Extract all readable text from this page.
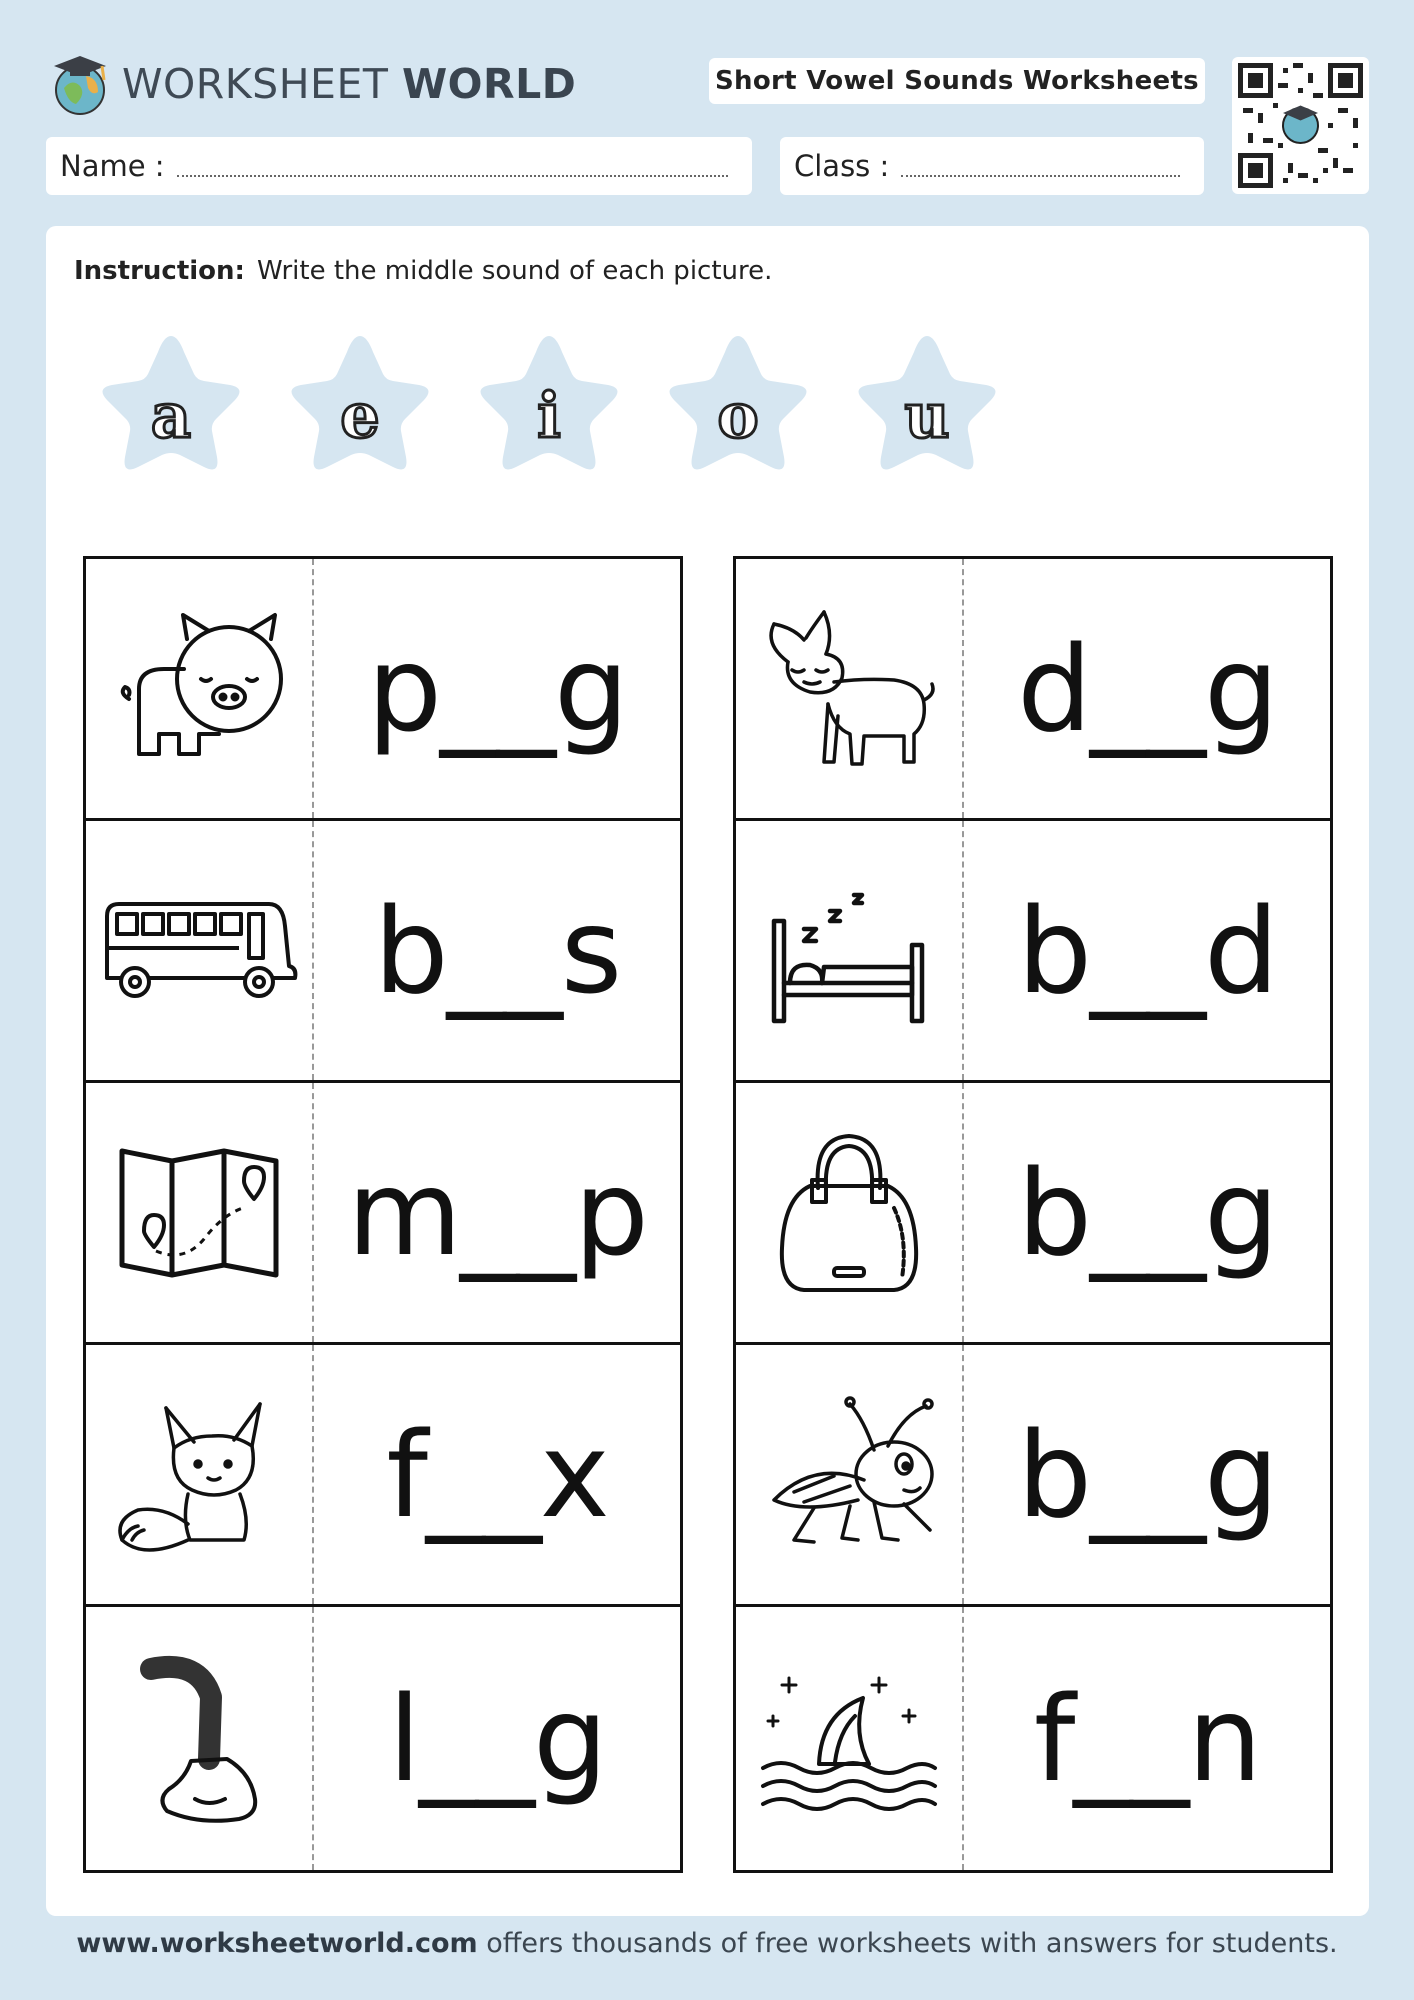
WORKSHEET WORLD	Short Vowel Sounds Worksheets
Name :	Class :
Instruction: Write the middle sound of each picture.
a	e	i	o	u
p__g
b__s
m__p
f__x
l__g
d__g
b__d
b__g
b__g
f__n
www.worksheetworld.com offers thousands of free worksheets with answers for students.
